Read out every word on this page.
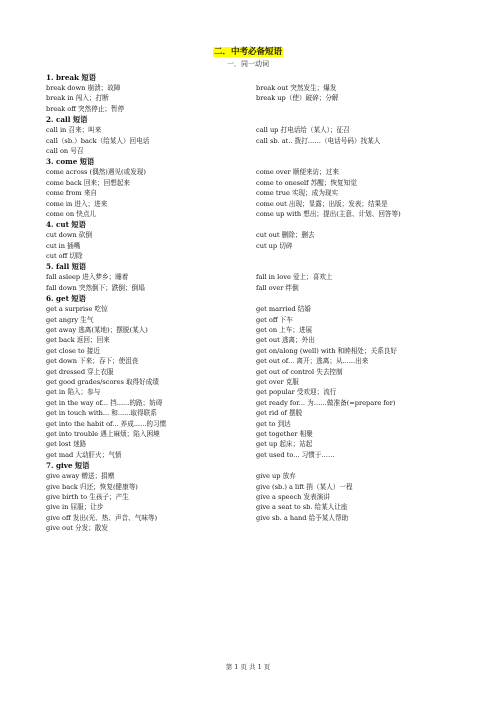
二．中考必备短语
一．同一动词
1. break 短语
break down 崩溃；故障	break out 突然发生；爆发
break in 闯入；打断	break up（使）破碎；分解
break off 突然停止；暂停
2. call 短语
call in 召来；叫来	call up 打电话给（某人）；征召
call（sb.）back（给某人）回电话	call sb. at.. 拨打……（电话号码）找某人
call on 号召
3. come 短语
come across (偶然)遇见(或发现)	come over 顺便来访；过来
come back 回来；回想起来	come to oneself 苏醒；恢复知觉
come from 来自	come true 实现；成为现实
come in 进入；进来	come out 出现；显露；出版；发表；结果是
come on 快点儿	come up with 想出；提出(主意、计划、回答等)
4. cut 短语
cut down 砍倒	cut out 删除；删去
cut in 插嘴	cut up 切碎
cut off 切除
5. fall 短语
fall asleep 进入梦乡；睡着	fall in love 爱上；喜欢上
fall down 突然倒下；跌倒；倒塌	fall over 绊倒
6. get 短语
get a surprise 吃惊	get married 结婚
get angry 生气	get off 下车
get away 逃离(某地)；摆脱(某人)	get on 上车；进展
get back 返回；回来	get out 逃离；外出
get close to 接近	get on/along (well) with 和睦相处；关系良好
get down 下来；吞下；使沮丧	get out of... 离开；逃离；从......出来
get dressed 穿上衣服	get out of control 失去控制
get good grades/scores 取得好成绩	get over 克服
get in 陷入；参与	get popular 受欢迎；流行
get in the way of... 挡......的路；妨碍	get ready for... 为……做准备(=prepare for)
get in touch with... 和......取得联系	get rid of 摆脱
get into the habit of... 养成......的习惯	get to 到达
get into trouble 遇上麻烦；陷入困境	get together 相聚
get lost 迷路	get up 起床；站起
get mad 大动肝火；气愤	get used to... 习惯于……
7. give 短语
give away 赠送；捐赠	give up 放弃
give back 归还；恢复(健康等)	give (sb.) a lift 捎（某人）一程
give birth to 生孩子；产生	give a speech 发表演讲
give in 屈服；让步	give a seat to sb. 给某人让座
give off 发出(光、热、声音、气味等)	give sb. a hand 给予某人帮助
give out 分发；散发
第 1 页 共 1 页
